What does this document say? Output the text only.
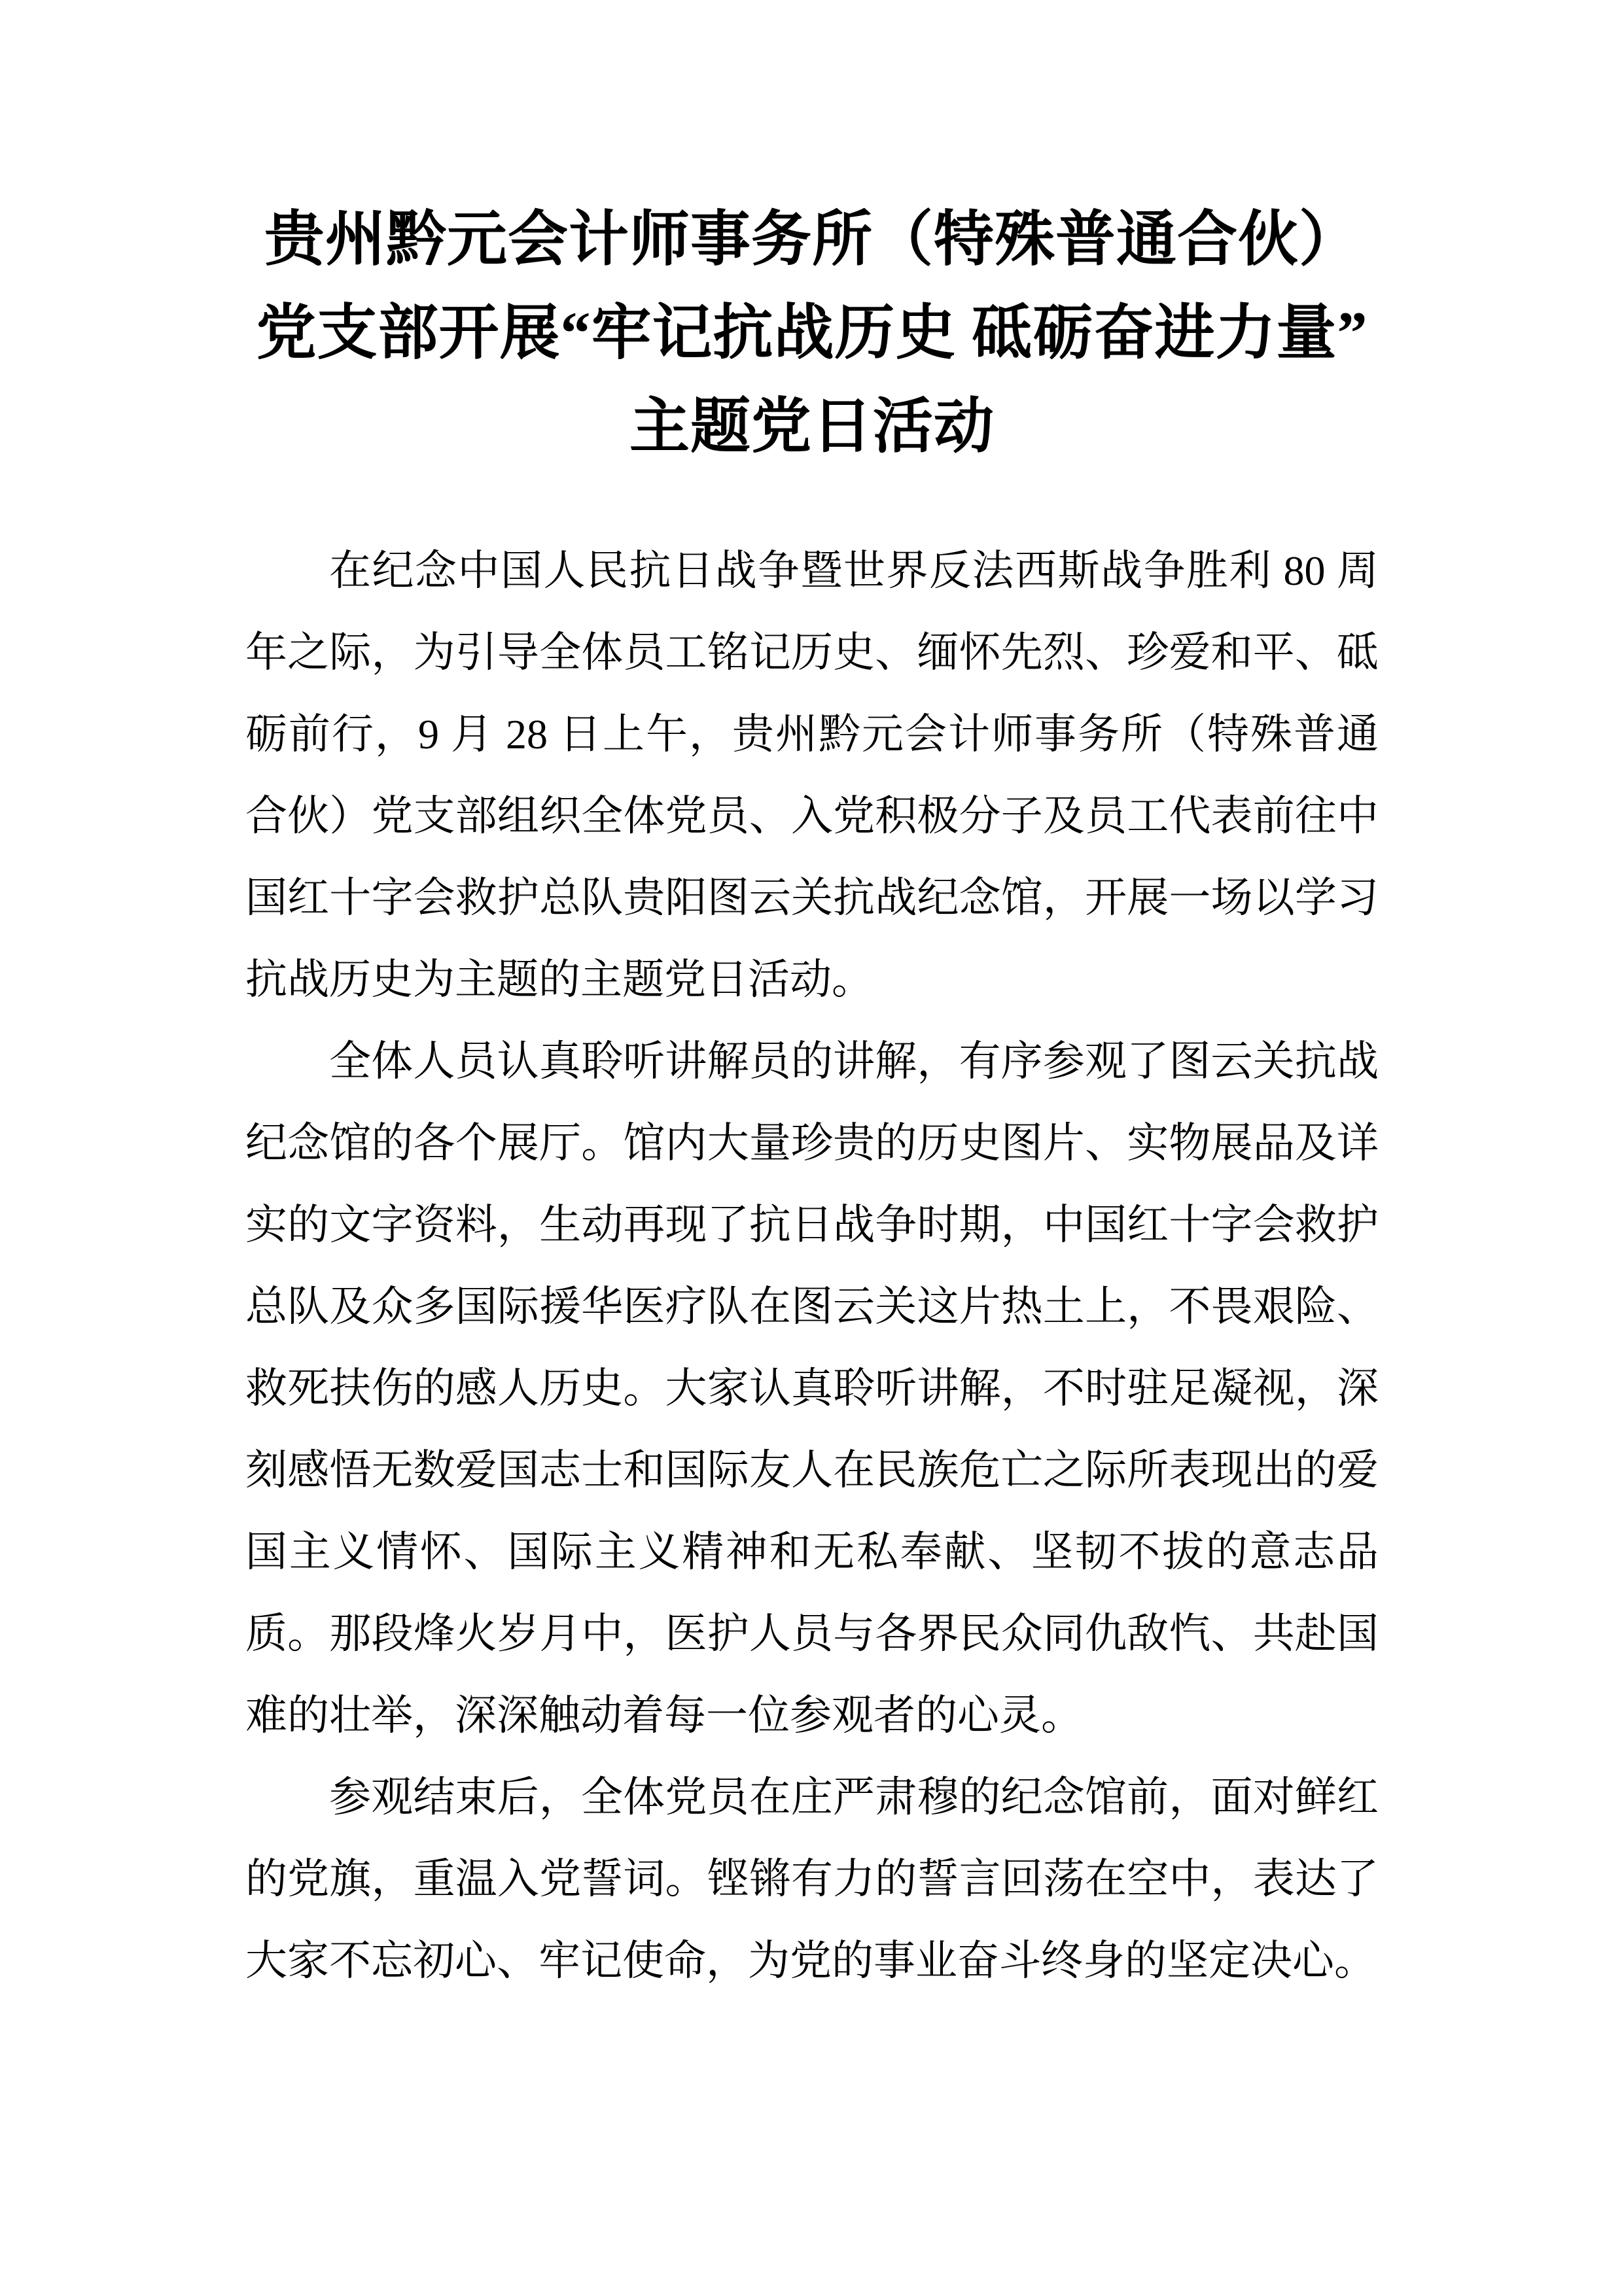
贵州黔元会计师事务所（特殊普通合伙）
党支部开展“牢记抗战历史 砥砺奋进力量”
主题党日活动

在纪念中国人民抗日战争暨世界反法西斯战争胜利 80 周年之际，为引导全体员工铭记历史、缅怀先烈、珍爱和平、砥砺前行，9 月 28 日上午，贵州黔元会计师事务所（特殊普通合伙）党支部组织全体党员、入党积极分子及员工代表前往中国红十字会救护总队贵阳图云关抗战纪念馆，开展一场以学习抗战历史为主题的主题党日活动。

全体人员认真聆听讲解员的讲解，有序参观了图云关抗战纪念馆的各个展厅。馆内大量珍贵的历史图片、实物展品及详实的文字资料，生动再现了抗日战争时期，中国红十字会救护总队及众多国际援华医疗队在图云关这片热土上，不畏艰险、救死扶伤的感人历史。大家认真聆听讲解，不时驻足凝视，深刻感悟无数爱国志士和国际友人在民族危亡之际所表现出的爱国主义情怀、国际主义精神和无私奉献、坚韧不拔的意志品质。那段烽火岁月中，医护人员与各界民众同仇敌忾、共赴国难的壮举，深深触动着每一位参观者的心灵。

参观结束后，全体党员在庄严肃穆的纪念馆前，面对鲜红的党旗，重温入党誓词。铿锵有力的誓言回荡在空中，表达了大家不忘初心、牢记使命，为党的事业奋斗终身的坚定决心。
